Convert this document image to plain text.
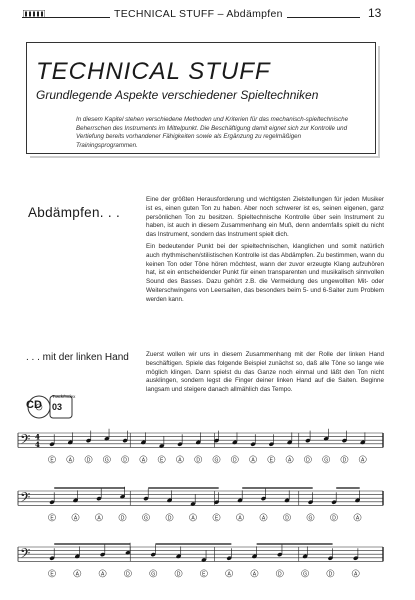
TECHNICAL STUFF – Abdämpfen	13
TECHNICAL STUFF
Grundlegende Aspekte verschiedener Spieltechniken
In diesem Kapitel stehen verschiedene Methoden und Kriterien für das mechanisch-spieltechnische Beherrschen des Instruments im Mittelpunkt. Die Beschäftigung damit eignet sich zur Kontrolle und Vertiefung bereits vorhandener Fähigkeiten sowie als Ergänzung zu regelmäßigen Trainingsprogrammen.
Abdämpfen. . .

Eine der größten Herausforderung und wichtigsten Zielstellungen für jeden Musiker ist es, einen guten Ton zu haben. Aber noch schwerer ist es, seinen eigenen, ganz persönlichen Ton zu besitzen. Spieltechnische Kontrolle über sein Instrument zu haben, ist auch in diesem Zusammenhang ein Muß, denn andernfalls spielt du nicht das Instrument, sondern das Instrument spielt dich.

Ein bedeutender Punkt bei der spieltechnischen, klanglichen und somit natürlich auch rhythmischen/stilistischen Kontrolle ist das Abdämpfen. Zu bestimmen, wann du keinen Ton oder Töne hören möchtest, wann der zuvor erzeugte Klang aufzuhören hat, ist ein entscheidender Punkt für einen transparenten und musikalisch sinnvollen Sound des Basses. Dazu gehört z.B. die Vermeidung des ungewollten Mit- oder Weiterschwingens von Leersaiten, das besonders beim 5- und 6-Saiter zum Problem werden kann.

. . . mit der linken Hand	Zuerst wollen wir uns in diesem Zusammenhang mit der Rolle der linken Hand beschäftigen. Spiele das folgende Beispiel zunächst so, daß alle Töne so lange wie möglich klingen. Dann spielst du das Ganze noch einmal und läßt den Ton nicht ausklingen, sondern legst die Finger deiner linken Hand auf die Saiten. Beginne langsam und steigere danach allmählich das Tempo.
CD
Track/Index
03
𝄢 4
4
E	A	D	G	D	A	E	A	D	G	D	A	E	A	D	G	D	A
𝄢
E	A	A	D	G	D	A	E	A	A	D	G	D	A
𝄢
E	A	A	D	G	D	E	A	A	D	G	D	A
